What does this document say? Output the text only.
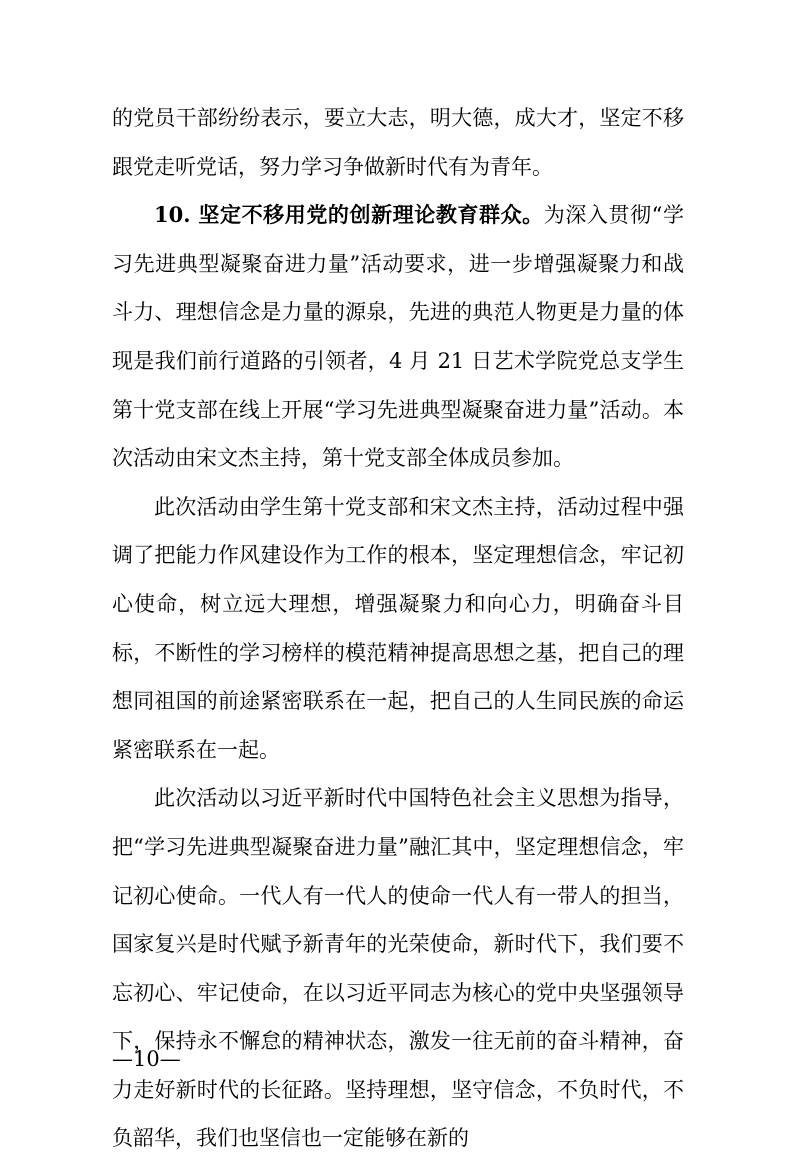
的党员干部纷纷表示，要立大志，明大德，成大才，坚定不移跟党走听党话，努力学习争做新时代有为青年。

10. 坚定不移用党的创新理论教育群众。为深入贯彻“学习先进典型凝聚奋进力量”活动要求，进一步增强凝聚力和战斗力、理想信念是力量的源泉，先进的典范人物更是力量的体现是我们前行道路的引领者，4 月 21 日艺术学院党总支学生第十党支部在线上开展“学习先进典型凝聚奋进力量”活动。本次活动由宋文杰主持，第十党支部全体成员参加。

此次活动由学生第十党支部和宋文杰主持，活动过程中强调了把能力作风建设作为工作的根本，坚定理想信念，牢记初心使命，树立远大理想，增强凝聚力和向心力，明确奋斗目标，不断性的学习榜样的模范精神提高思想之基，把自己的理想同祖国的前途紧密联系在一起，把自己的人生同民族的命运紧密联系在一起。

此次活动以习近平新时代中国特色社会主义思想为指导，把“学习先进典型凝聚奋进力量”融汇其中，坚定理想信念，牢记初心使命。一代人有一代人的使命一代人有一带人的担当，国家复兴是时代赋予新青年的光荣使命，新时代下，我们要不忘初心、牢记使命，在以习近平同志为核心的党中央坚强领导下，保持永不懈怠的精神状态，激发一往无前的奋斗精神，奋力走好新时代的长征路。坚持理想，坚守信念，不负时代，不负韶华，我们也坚信也一定能够在新的

—10—
